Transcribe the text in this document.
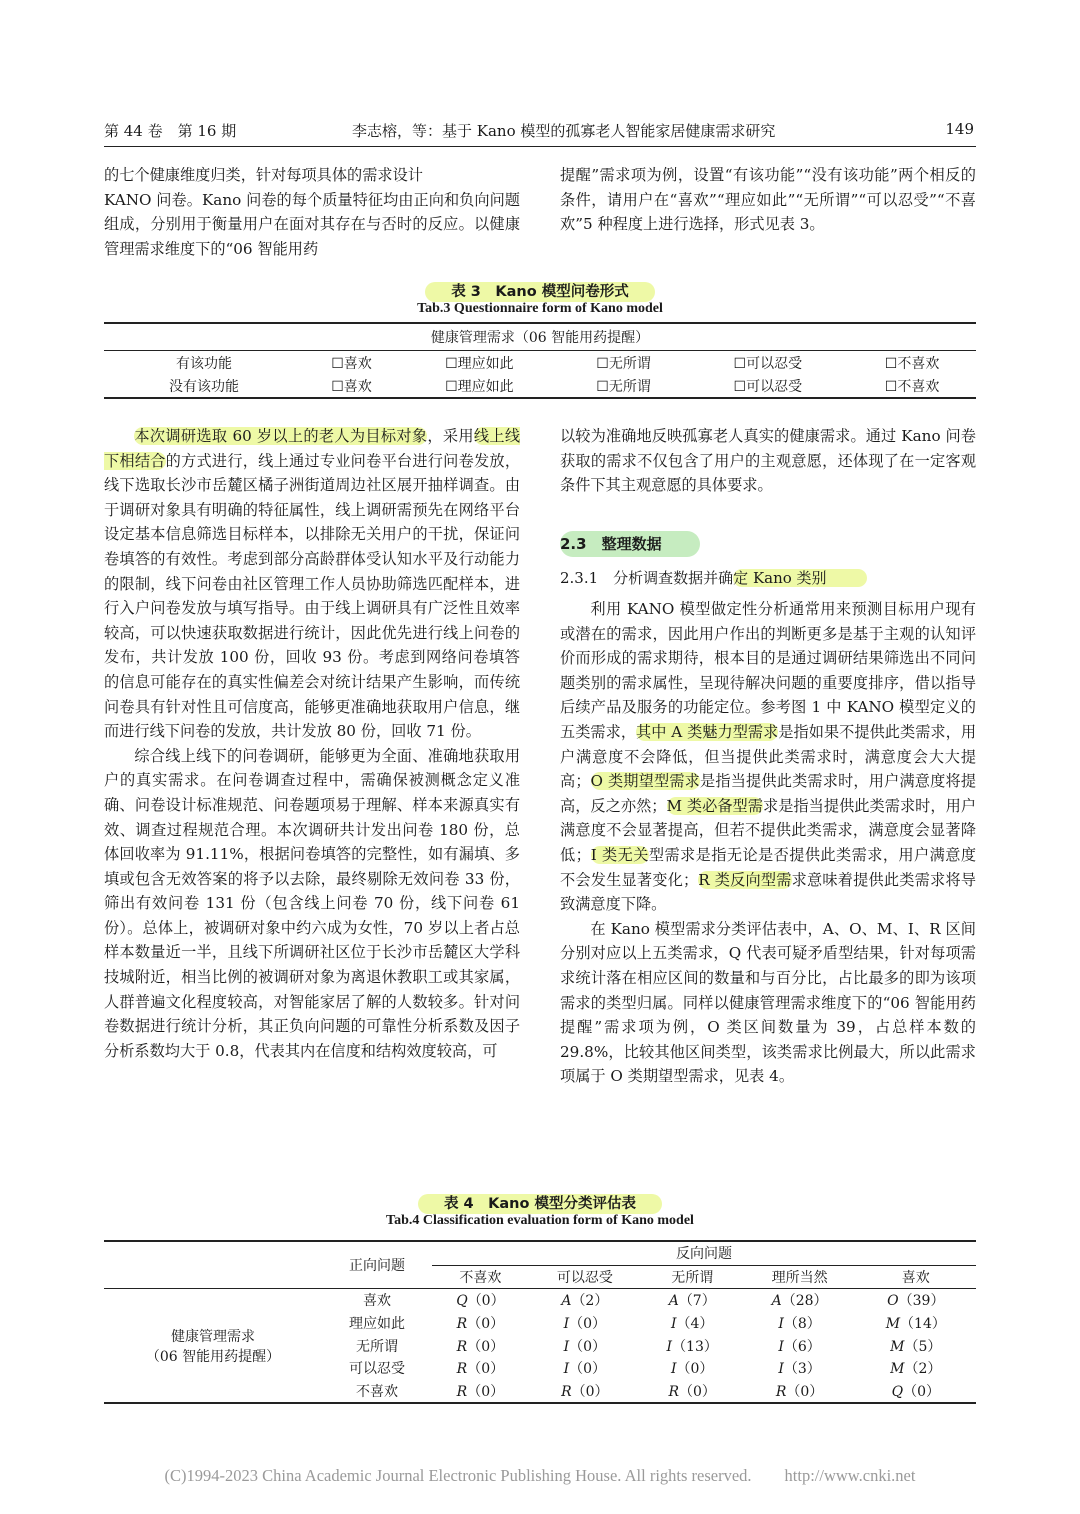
第 44 卷　第 16 期	李志榕，等：基于 Kano 模型的孤寡老人智能家居健康需求研究	149

的七个健康维度归类，针对每项具体的需求设计

KANO 问卷。Kano 问卷的每个质量特征均由正向和负向问题组成，分别用于衡量用户在面对其存在与否时的反应。以健康管理需求维度下的“06 智能用药

提醒”需求项为例，设置“有该功能”“没有该功能”两个相反的条件，请用户在“喜欢”“理应如此”“无所谓”“可以忍受”“不喜欢”5 种程度上进行选择，形式见表 3。

表 3　Kano 模型问卷形式
Tab.3 Questionnaire form of Kano model
健康管理需求（06 智能用药提醒）					
有该功能	☐喜欢	☐理应如此	☐无所谓	☐可以忍受	☐不喜欢
没有该功能	☐喜欢	☐理应如此	☐无所谓	☐可以忍受	☐不喜欢

本次调研选取 60 岁以上的老人为目标对象，采用线上线下相结合的方式进行，线上通过专业问卷平台进行问卷发放，线下选取长沙市岳麓区橘子洲街道周边社区展开抽样调查。由于调研对象具有明确的特征属性，线上调研需预先在网络平台设定基本信息筛选目标样本，以排除无关用户的干扰，保证问卷填答的有效性。考虑到部分高龄群体受认知水平及行动能力的限制，线下问卷由社区管理工作人员协助筛选匹配样本，进行入户问卷发放与填写指导。由于线上调研具有广泛性且效率较高，可以快速获取数据进行统计，因此优先进行线上问卷的发布，共计发放 100 份，回收 93 份。考虑到网络问卷填答的信息可能存在的真实性偏差会对统计结果产生影响，而传统问卷具有针对性且可信度高，能够更准确地获取用户信息，继而进行线下问卷的发放，共计发放 80 份，回收 71 份。

综合线上线下的问卷调研，能够更为全面、准确地获取用户的真实需求。在问卷调查过程中，需确保被测概念定义准确、问卷设计标准规范、问卷题项易于理解、样本来源真实有效、调查过程规范合理。本次调研共计发出问卷 180 份，总体回收率为 91.11%，根据问卷填答的完整性，如有漏填、多填或包含无效答案的将予以去除，最终剔除无效问卷 33 份，筛出有效问卷 131 份（包含线上问卷 70 份，线下问卷 61 份）。总体上，被调研对象中约六成为女性，70 岁以上者占总样本数量近一半，且线下所调研社区位于长沙市岳麓区大学科技城附近，相当比例的被调研对象为离退休教职工或其家属，人群普遍文化程度较高，对智能家居了解的人数较多。针对问卷数据进行统计分析，其正负向问题的可靠性分析系数及因子分析系数均大于 0.8，代表其内在信度和结构效度较高，可

以较为准确地反映孤寡老人真实的健康需求。通过 Kano 问卷获取的需求不仅包含了用户的主观意愿，还体现了在一定客观条件下其主观意愿的具体要求。

2.3　整理数据
2.3.1　分析调查数据并确定 Kano 类别

利用 KANO 模型做定性分析通常用来预测目标用户现有或潜在的需求，因此用户作出的判断更多是基于主观的认知评价而形成的需求期待，根本目的是通过调研结果筛选出不同问题类别的需求属性，呈现待解决问题的重要度排序，借以指导后续产品及服务的功能定位。参考图 1 中 KANO 模型定义的五类需求，其中 A 类魅力型需求是指如果不提供此类需求，用户满意度不会降低，但当提供此类需求时，满意度会大大提高；O 类期望型需求是指当提供此类需求时，用户满意度将提高，反之亦然；M 类必备型需求是指当提供此类需求时，用户满意度不会显著提高，但若不提供此类需求，满意度会显著降低；I 类无关型需求是指无论是否提供此类需求，用户满意度不会发生显著变化；R 类反向型需求意味着提供此类需求将导致满意度下降。

在 Kano 模型需求分类评估表中，A、O、M、I、R 区间分别对应以上五类需求，Q 代表可疑矛盾型结果，针对每项需求统计落在相应区间的数量和与百分比，占比最多的即为该项需求的类型归属。同样以健康管理需求维度下的“06 智能用药提醒”需求项为例，O 类区间数量为 39，占总样本数的 29.8%，比较其他区间类型，该类需求比例最大，所以此需求项属于 O 类期望型需求，见表 4。

表 4　Kano 模型分类评估表
Tab.4 Classification evaluation form of Kano model
	正向问题	反向问题				
		不喜欢	可以忍受	无所谓	理所当然	喜欢

健康管理需求
（06 智能用药提醒）	喜欢	Q（0）	A（2）	A（7）	A（28）	O（39）
	理应如此	R（0）	I（0）	I（4）	I（8）	M（14）
	无所谓	R（0）	I（0）	I（13）	I（6）	M（5）
	可以忍受	R（0）	I（0）	I（0）	I（3）	M（2）
	不喜欢	R（0）	R（0）	R（0）	R（0）	Q（0）
(C)1994-2023 China Academic Journal Electronic Publishing House. All rights reserved.　　http://www.cnki.net
